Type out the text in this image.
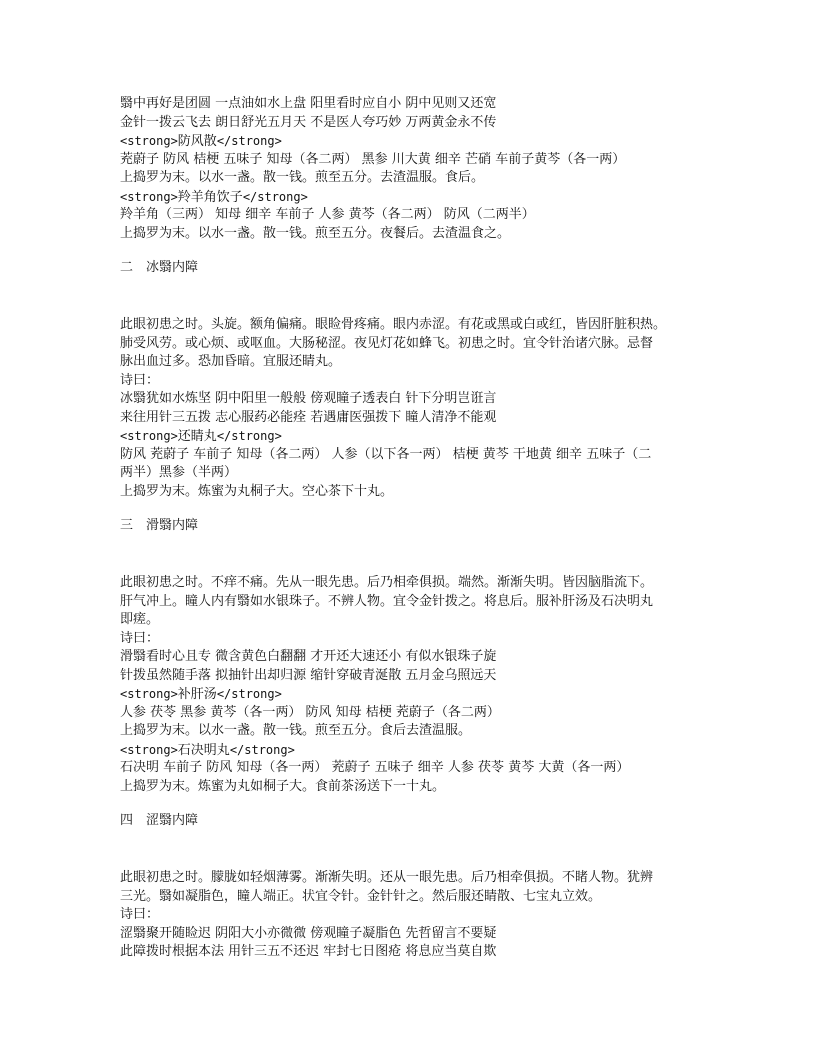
翳中再好是团圆 一点油如水上盘 阳里看时应自小 阴中见则又还宽
金针一拨云飞去 朗日舒光五月天 不是医人夸巧妙 万两黄金永不传
<strong>防风散</strong>
茺蔚子 防风 桔梗 五味子 知母（各二两） 黑参 川大黄 细辛 芒硝 车前子黄芩（各一两）
上捣罗为末。以水一盏。散一钱。煎至五分。去渣温服。食后。
<strong>羚羊角饮子</strong>
羚羊角（三两） 知母 细辛 车前子 人参 黄芩（各二两） 防风（二两半）
上捣罗为末。以水一盏。散一钱。煎至五分。夜餐后。去渣温食之。
二　冰翳内障
此眼初患之时。头旋。额角偏痛。眼睑骨疼痛。眼内赤涩。有花或黑或白或红，皆因肝脏积热。
肺受风劳。或心烦、或呕血。大肠秘涩。夜见灯花如蜂飞。初患之时。宜令针治诸穴脉。忌督
脉出血过多。恐加昏暗。宜服还睛丸。
诗曰：
冰翳犹如水炼坚 阴中阳里一般般 傍观瞳子透表白 针下分明岂诳言
来往用针三五拨 志心服药必能痊 若遇庸医强拨下 瞳人清净不能观
<strong>还睛丸</strong>
防风 茺蔚子 车前子 知母（各二两） 人参（以下各一两） 桔梗 黄芩 干地黄 细辛 五味子（二
两半）黑参（半两）
上捣罗为末。炼蜜为丸桐子大。空心茶下十丸。
三　滑翳内障
此眼初患之时。不痒不痛。先从一眼先患。后乃相牵俱损。端然。渐渐失明。皆因脑脂流下。
肝气冲上。瞳人内有翳如水银珠子。不辨人物。宜令金针拨之。将息后。服补肝汤及石决明丸
即瘥。
诗曰：
滑翳看时心且专 微含黄色白翻翻 才开还大速还小 有似水银珠子旋
针拨虽然随手落 拟抽针出却归源 缩针穿破青涎散 五月金乌照远天
<strong>补肝汤</strong>
人参 茯苓 黑参 黄芩（各一两） 防风 知母 桔梗 茺蔚子（各二两）
上捣罗为末。以水一盏。散一钱。煎至五分。食后去渣温服。
<strong>石决明丸</strong>
石决明 车前子 防风 知母（各一两） 茺蔚子 五味子 细辛 人参 茯苓 黄芩 大黄（各一两）
上捣罗为末。炼蜜为丸如桐子大。食前茶汤送下一十丸。
四　涩翳内障
此眼初患之时。朦胧如轻烟薄雾。渐渐失明。还从一眼先患。后乃相牵俱损。不睹人物。犹辨
三光。翳如凝脂色，瞳人端正。状宜令针。金针针之。然后服还睛散、七宝丸立效。
诗曰：
涩翳聚开随睑迟 阴阳大小亦微微 傍观瞳子凝脂色 先哲留言不要疑
此障拨时根据本法 用针三五不还迟 牢封七日图疮 将息应当莫自欺
